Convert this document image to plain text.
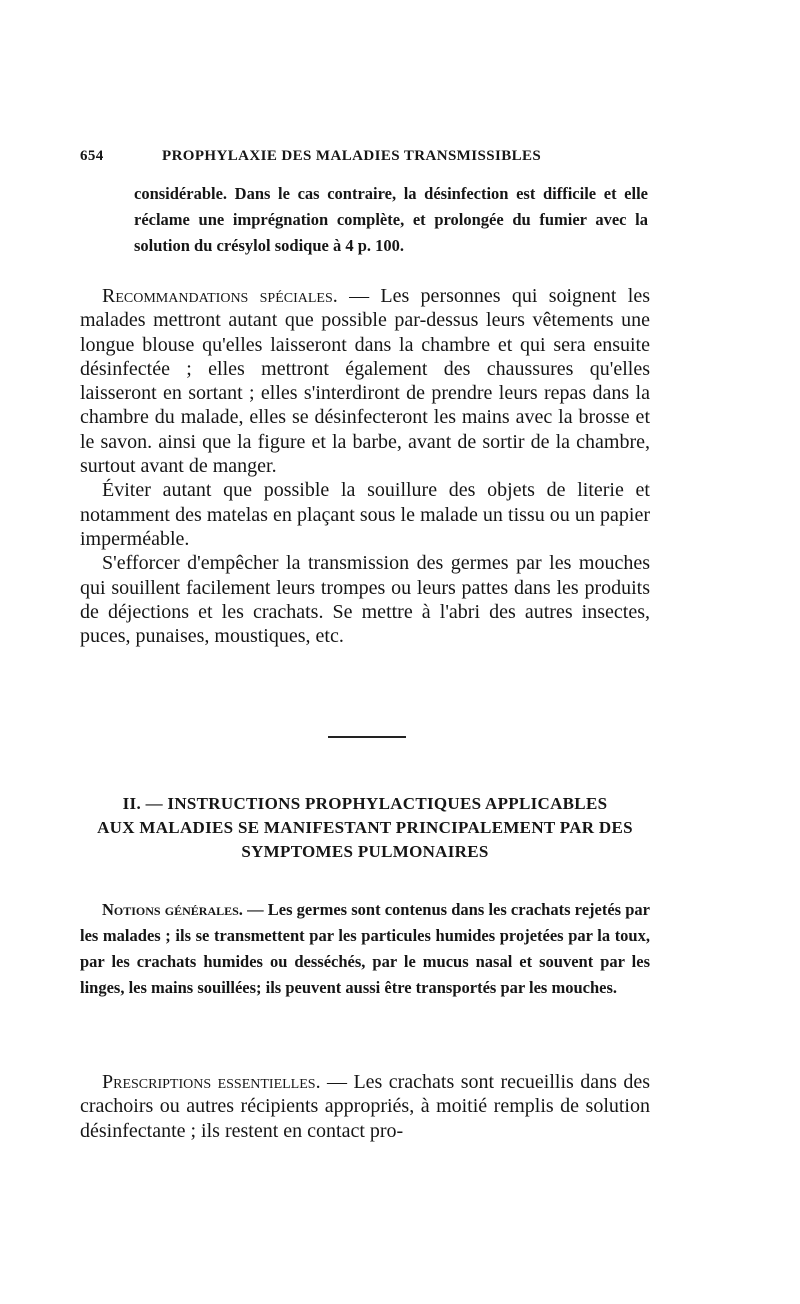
654	PROPHYLAXIE DES MALADIES TRANSMISSIBLES

considérable. Dans le cas contraire, la désinfection est difficile et elle réclame une imprégnation complète, et prolongée du fumier avec la solution du crésylol sodique à 4 p. 100.

Recommandations spéciales. — Les personnes qui soignent les malades mettront autant que possible par-dessus leurs vêtements une longue blouse qu'elles laisseront dans la chambre et qui sera ensuite désinfectée ; elles mettront également des chaussures qu'elles laisseront en sortant ; elles s'interdiront de prendre leurs repas dans la chambre du malade, elles se désinfecteront les mains avec la brosse et le savon. ainsi que la figure et la barbe, avant de sortir de la chambre, surtout avant de manger.

Éviter autant que possible la souillure des objets de literie et notamment des matelas en plaçant sous le malade un tissu ou un papier imperméable.

S'efforcer d'empêcher la transmission des germes par les mouches qui souillent facilement leurs trompes ou leurs pattes dans les produits de déjections et les crachats. Se mettre à l'abri des autres insectes, puces, punaises, moustiques, etc.

II. — INSTRUCTIONS PROPHYLACTIQUES APPLICABLES
AUX MALADIES SE MANIFESTANT PRINCIPALEMENT PAR DES
SYMPTOMES PULMONAIRES

Notions générales. — Les germes sont contenus dans les crachats rejetés par les malades ; ils se transmettent par les particules humides projetées par la toux, par les crachats humides ou desséchés, par le mucus nasal et souvent par les linges, les mains souillées; ils peuvent aussi être transportés par les mouches.

Prescriptions essentielles. — Les crachats sont recueillis dans des crachoirs ou autres récipients appropriés, à moitié remplis de solution désinfectante ; ils restent en contact pro-
